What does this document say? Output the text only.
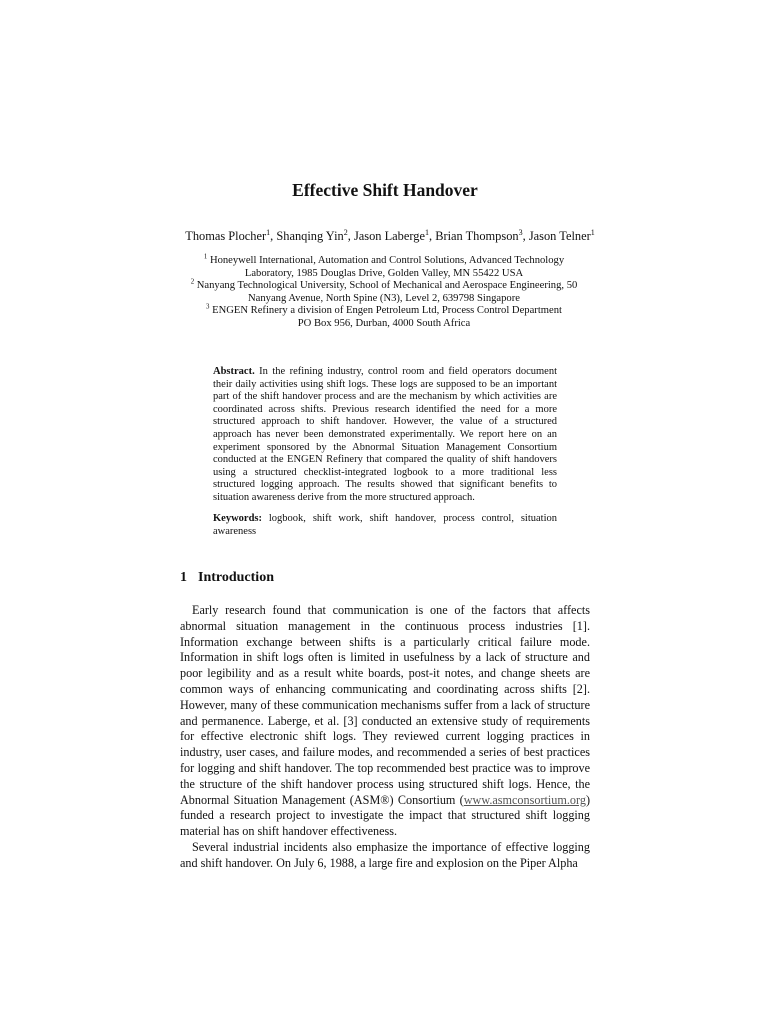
Effective Shift Handover
Thomas Plocher$^1$, Shanqing Yin$^2$, Jason Laberge$^1$, Brian Thompson$^3$, Jason Telner$^1$

$^1$ Honeywell International, Automation and Control Solutions, Advanced Technology

Laboratory, 1985 Douglas Drive, Golden Valley, MN 55422 USA

$^2$ Nanyang Technological University, School of Mechanical and Aerospace Engineering, 50

Nanyang Avenue, North Spine (N3), Level 2, 639798 Singapore

$^3$ ENGEN Refinery a division of Engen Petroleum Ltd, Process Control Department

PO Box 956, Durban, 4000 South Africa

Abstract. In the refining industry, control room and field operators document their daily activities using shift logs. These logs are supposed to be an important part of the shift handover process and are the mechanism by which activities are coordinated across shifts. Previous research identified the need for a more structured approach to shift handover. However, the value of a structured approach has never been demonstrated experimentally. We report here on an experiment sponsored by the Abnormal Situation Management Consortium conducted at the ENGEN Refinery that compared the quality of shift handovers using a structured checklist-integrated logbook to a more traditional less structured logging approach. The results showed that significant benefits to situation awareness derive from the more structured approach.

Keywords: logbook, shift work, shift handover, process control, situation awareness

1 Introduction

Early research found that communication is one of the factors that affects abnormal situation management in the continuous process industries [1]. Information exchange between shifts is a particularly critical failure mode. Information in shift logs often is limited in usefulness by a lack of structure and poor legibility and as a result white boards, post-it notes, and change sheets are common ways of enhancing communicating and coordinating across shifts [2]. However, many of these communication mechanisms suffer from a lack of structure and permanence. Laberge, et al. [3] conducted an extensive study of requirements for effective electronic shift logs. They reviewed current logging practices in industry, user cases, and failure modes, and recommended a series of best practices for logging and shift handover. The top recommended best practice was to improve the structure of the shift handover process using structured shift logs. Hence, the Abnormal Situation Management (ASM®) Consortium (www.asmconsortium.org) funded a research project to investigate the impact that structured shift logging material has on shift handover effectiveness.

Several industrial incidents also emphasize the importance of effective logging and shift handover. On July 6, 1988, a large fire and explosion on the Piper Alpha
